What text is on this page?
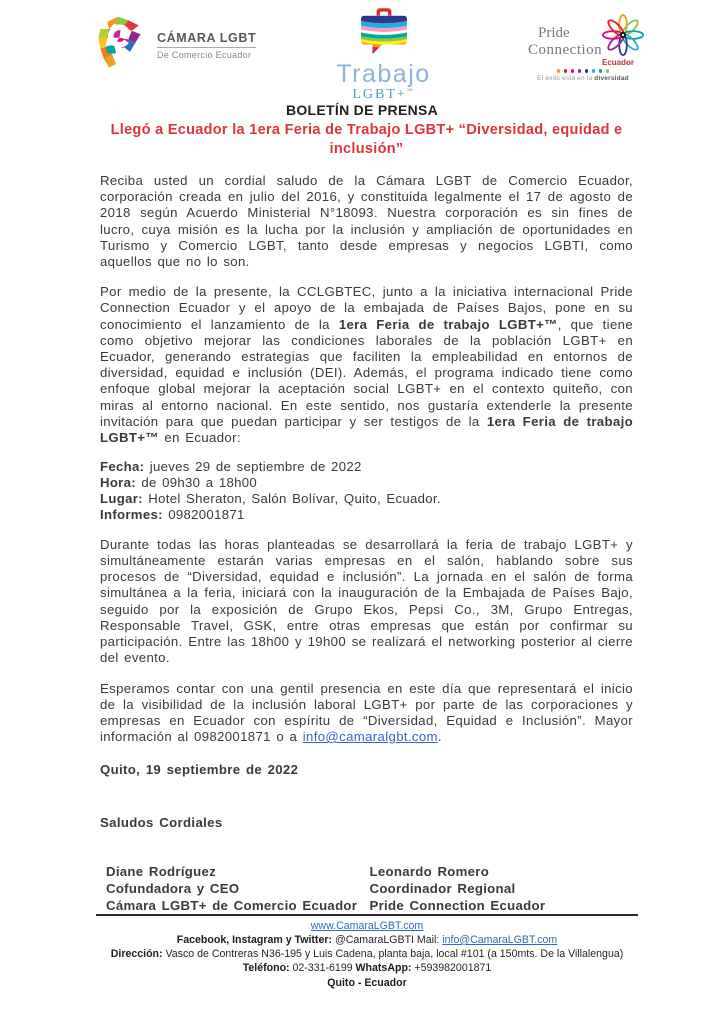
CÁMARA LGBT
De Comercio Ecuador
Trabajo
LGBT+™
Pride
Connection
Ecuador
El éxito está en la diversidad
BOLETÍN DE PRENSA
Llegó a Ecuador la 1era Feria de Trabajo LGBT+ “Diversidad, equidad e inclusión”

Reciba usted un cordial saludo de la Cámara LGBT de Comercio Ecuador, corporación creada en julio del 2016, y constituida legalmente el 17 de agosto de 2018 según Acuerdo Ministerial N°18093. Nuestra corporación es sin fines de lucro, cuya misión es la lucha por la inclusión y ampliación de oportunidades en Turismo y Comercio LGBT, tanto desde empresas y negocios LGBTI, como aquellos que no lo son.

Por medio de la presente, la CCLGBTEC, junto a la iniciativa internacional Pride Connection Ecuador y el apoyo de la embajada de Países Bajos, pone en su conocimiento el lanzamiento de la 1era Feria de trabajo LGBT+™, que tiene como objetivo mejorar las condiciones laborales de la población LGBT+ en Ecuador, generando estrategias que faciliten la empleabilidad en entornos de diversidad, equidad e inclusión (DEI). Además, el programa indicado tiene como enfoque global mejorar la aceptación social LGBT+ en el contexto quiteño, con miras al entorno nacional. En este sentido, nos gustaría extenderle la presente invitación para que puedan participar y ser testigos de la 1era Feria de trabajo LGBT+™ en Ecuador:

Fecha: jueves 29 de septiembre de 2022
Hora: de 09h30 a 18h00
Lugar: Hotel Sheraton, Salón Bolívar, Quito, Ecuador.
Informes: 0982001871

Durante todas las horas planteadas se desarrollará la feria de trabajo LGBT+ y simultáneamente estarán varias empresas en el salón, hablando sobre sus procesos de “Diversidad, equidad e inclusión”. La jornada en el salón de forma simultánea a la feria, iniciará con la inauguración de la Embajada de Países Bajo, seguido por la exposición de Grupo Ekos, Pepsi Co., 3M, Grupo Entregas, Responsable Travel, GSK, entre otras empresas que están por confirmar su participación. Entre las 18h00 y 19h00 se realizará el networking posterior al cierre del evento.

Esperamos contar con una gentil presencia en este día que representará el inicio de la visibilidad de la inclusión laboral LGBT+ por parte de las corporaciones y empresas en Ecuador con espíritu de “Diversidad, Equidad e Inclusión”. Mayor información al 0982001871 o a info@camaralgbt.com.

Quito, 19 septiembre de 2022
Saludos Cordiales
Diane Rodríguez
Cofundadora y CEO
Cámara LGBT+ de Comercio Ecuador
Leonardo Romero
Coordinador Regional
Pride Connection Ecuador
www.CamaraLGBT.com
Facebook, Instagram y Twitter: @CamaraLGBTI Mail: info@CamaraLGBT.com
Dirección: Vasco de Contreras N36-195 y Luis Cadena, planta baja, local #101 (a 150mts. De la Villalengua)
Teléfono: 02-331-6199 WhatsApp: +593982001871
Quito - Ecuador
